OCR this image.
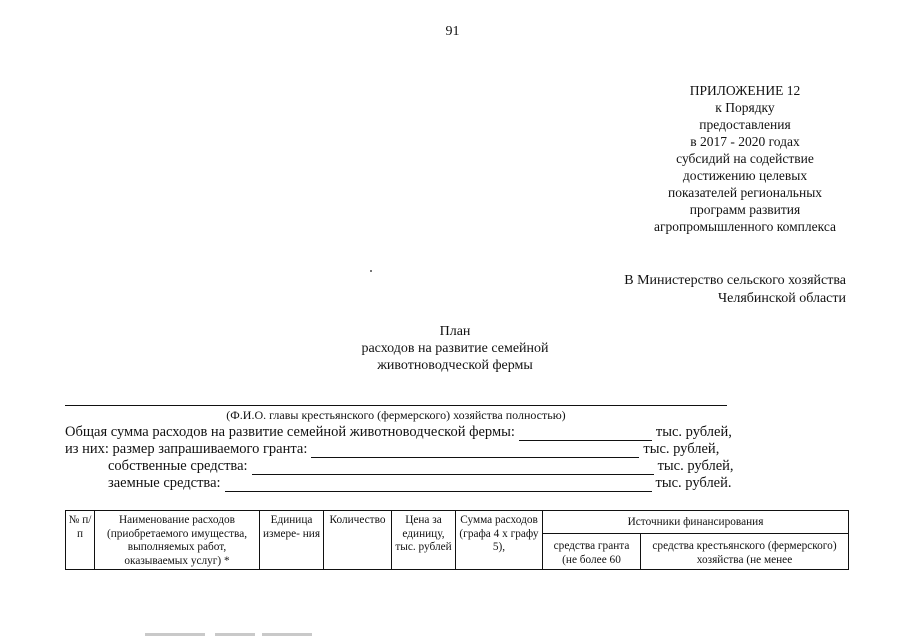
91
ПРИЛОЖЕНИЕ 12
к Порядку
предоставления
в 2017 - 2020 годах
субсидий на содействие
достижению целевых
показателей региональных
программ развития
агропромышленного комплекса
В Министерство сельского хозяйства
Челябинской области
План
расходов на развитие семейной
животноводческой фермы
(Ф.И.О. главы крестьянского (фермерского) хозяйства полностью)
Общая сумма расходов на развитие семейной животноводческой фермы:	тыс. рублей,
из них: размер запрашиваемого гранта:	тыс. рублей,
собственные средства:	тыс. рублей,
заемные средства:	тыс. рублей.
№ п/п	Наименование расходов (приобретаемого имущества, выполняемых работ, оказываемых услуг) *	Единица измере- ния	Количество	Цена за единицу, тыс. рублей	Сумма расходов (графа 4 х графу 5),	Источники финансирования	
						средства гранта (не более 60	средства крестьянского (фермерского) хозяйства (не менее
